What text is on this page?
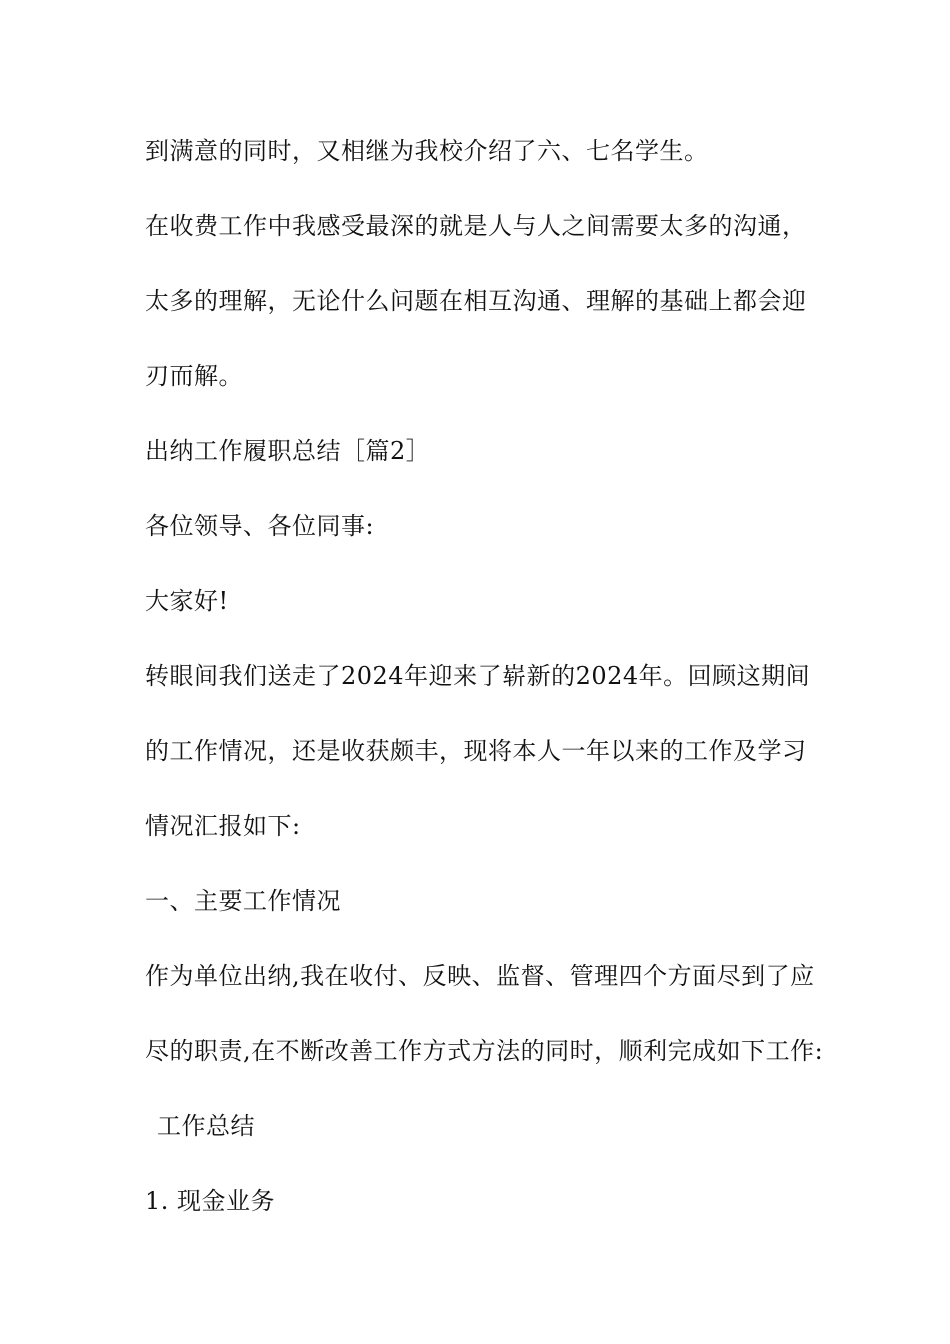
到满意的同时，又相继为我校介绍了六、七名学生。
在收费工作中我感受最深的就是人与人之间需要太多的沟通，
太多的理解，无论什么问题在相互沟通、理解的基础上都会迎
刃而解。
出纳工作履职总结［篇2］
各位领导、各位同事:
大家好!
转眼间我们送走了2024年迎来了崭新的2024年。回顾这期间
的工作情况，还是收获颇丰，现将本人一年以来的工作及学习
情况汇报如下:
一、主要工作情况
作为单位出纳,我在收付、反映、监督、管理四个方面尽到了应
尽的职责,在不断改善工作方式方法的同时，顺利完成如下工作:
工作总结
1. 现金业务
